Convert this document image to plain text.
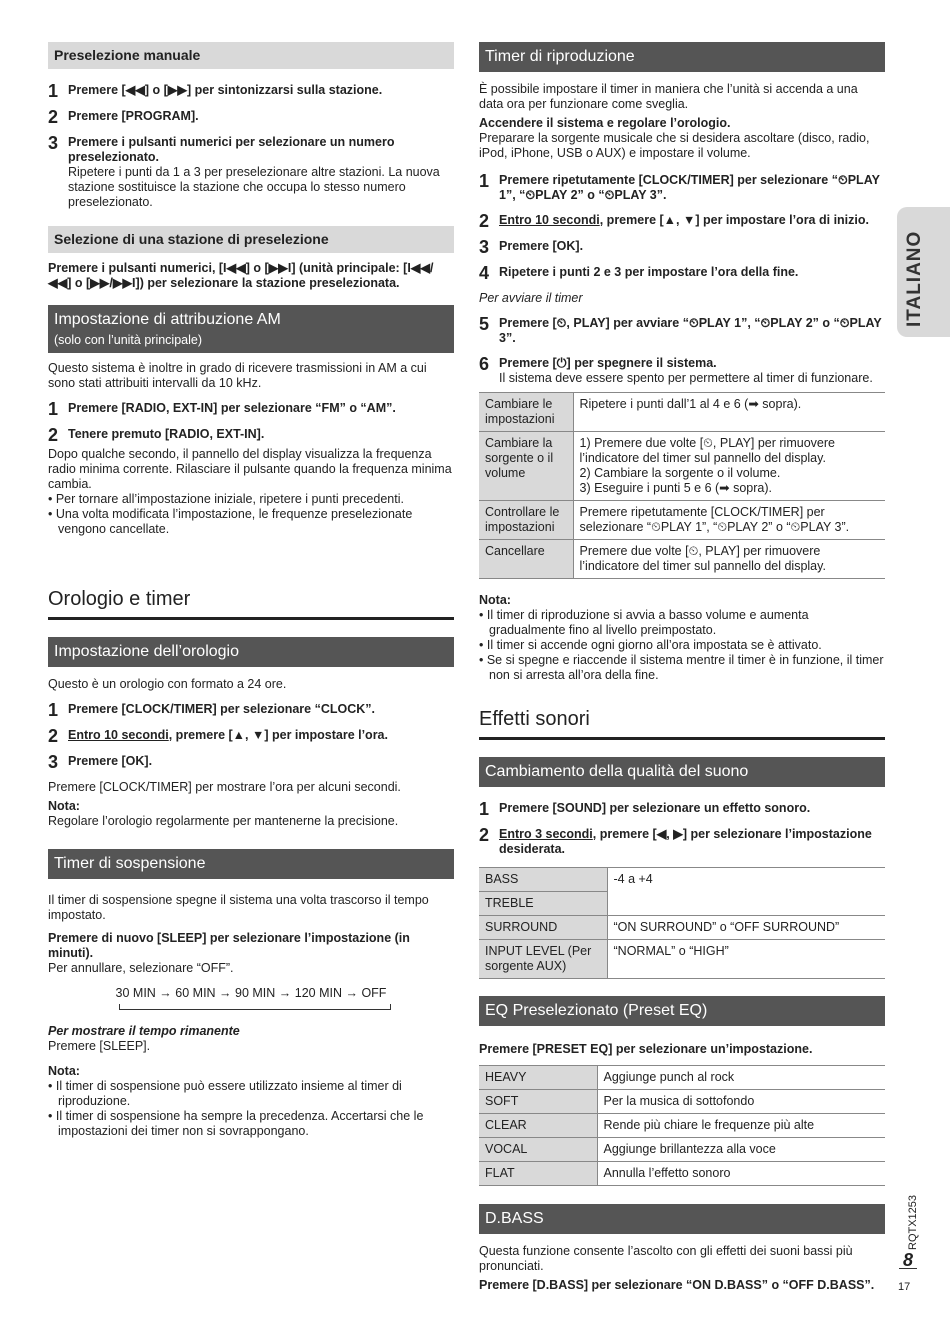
Preselezione manuale
1 Premere [◀◀] o [▶▶] per sintonizzarsi sulla stazione.
2 Premere [PROGRAM].
3 Premere i pulsanti numerici per selezionare un numero preselezionato.
Ripetere i punti da 1 a 3 per preselezionare altre stazioni. La nuova stazione sostituisce la stazione che occupa lo stesso numero preselezionato.
Selezione di una stazione di preselezione

Premere i pulsanti numerici, [I◀◀] o [▶▶I] (unità principale: [I◀◀/◀◀] o [▶▶/▶▶I]) per selezionare la stazione preselezionata.

Impostazione di attribuzione AM
(solo con l’unità principale)

Questo sistema è inoltre in grado di ricevere trasmissioni in AM a cui sono stati attribuiti intervalli da 10 kHz.

1 Premere [RADIO, EXT-IN] per selezionare “FM” o “AM”.
2 Tenere premuto [RADIO, EXT-IN].

Dopo qualche secondo, il pannello del display visualizza la frequenza radio minima corrente. Rilasciare il pulsante quando la frequenza minima cambia.

• Per tornare all’impostazione iniziale, ripetere i punti precedenti.
• Una volta modificata l’impostazione, le frequenze preselezionate vengono cancellate.
Orologio e timer
Impostazione dell’orologio

Questo è un orologio con formato a 24 ore.

1 Premere [CLOCK/TIMER] per selezionare “CLOCK”.
2 Entro 10 secondi, premere [▲, ▼] per impostare l’ora.
3 Premere [OK].

Premere [CLOCK/TIMER] per mostrare l’ora per alcuni secondi.

Nota:

Regolare l’orologio regolarmente per mantenerne la precisione.

Timer di sospensione

Il timer di sospensione spegne il sistema una volta trascorso il tempo impostato.

Premere di nuovo [SLEEP] per selezionare l’impostazione (in minuti).

Per annullare, selezionare “OFF”.

30 MIN → 60 MIN → 90 MIN → 120 MIN → OFF

Per mostrare il tempo rimanente

Premere [SLEEP].

Nota:

• Il timer di sospensione può essere utilizzato insieme al timer di riproduzione.
• Il timer di sospensione ha sempre la precedenza. Accertarsi che le impostazioni dei timer non si sovrappongano.
Timer di riproduzione

È possibile impostare il timer in maniera che l’unità si accenda a una data ora per funzionare come sveglia.

Accendere il sistema e regolare l’orologio.

Preparare la sorgente musicale che si desidera ascoltare (disco, radio, iPod, iPhone, USB o AUX) e impostare il volume.

1 Premere ripetutamente [CLOCK/TIMER] per selezionare “⏲PLAY 1”, “⏲PLAY 2” o “⏲PLAY 3”.
2 Entro 10 secondi, premere [▲, ▼] per impostare l’ora di inizio.
3 Premere [OK].
4 Ripetere i punti 2 e 3 per impostare l’ora della fine.

Per avviare il timer

5 Premere [⏲, PLAY] per avviare “⏲PLAY 1”, “⏲PLAY 2” o “⏲PLAY 3”.
6 Premere [⏻] per spegnere il sistema.
Il sistema deve essere spento per permettere al timer di funzionare.
Cambiare le impostazioni	Ripetere i punti dall’1 al 4 e 6 (➡ sopra).
Cambiare la sorgente o il volume	1) Premere due volte [⏲, PLAY] per rimuovere l’indicatore del timer sul pannello del display.
2) Cambiare la sorgente o il volume.
3) Eseguire i punti 5 e 6 (➡ sopra).
Controllare le impostazioni	Premere ripetutamente [CLOCK/TIMER] per selezionare “⏲PLAY 1”, “⏲PLAY 2” o “⏲PLAY 3”.
Cancellare	Premere due volte [⏲, PLAY] per rimuovere l’indicatore del timer sul pannello del display.

Nota:

• Il timer di riproduzione si avvia a basso volume e aumenta gradualmente fino al livello preimpostato.
• Il timer si accende ogni giorno all’ora impostata se è attivato.
• Se si spegne e riaccende il sistema mentre il timer è in funzione, il timer non si arresta all’ora della fine.
Effetti sonori
Cambiamento della qualità del suono
1 Premere [SOUND] per selezionare un effetto sonoro.
2 Entro 3 secondi, premere [◀, ▶] per selezionare l’impostazione desiderata.
BASS	-4 a +4
TREBLE	
SURROUND	“ON SURROUND” o “OFF SURROUND”
INPUT LEVEL (Per sorgente AUX)	“NORMAL” o “HIGH”
EQ Preselezionato (Preset EQ)

Premere [PRESET EQ] per selezionare un’impostazione.

HEAVY	Aggiunge punch al rock
SOFT	Per la musica di sottofondo
CLEAR	Rende più chiare le frequenze più alte
VOCAL	Aggiunge brillantezza alla voce
FLAT	Annulla l’effetto sonoro
D.BASS

Questa funzione consente l’ascolto con gli effetti dei suoni bassi più pronunciati.

Premere [D.BASS] per selezionare “ON D.BASS” o “OFF D.BASS”.

ITALIANO
RQTX1253
8
17
